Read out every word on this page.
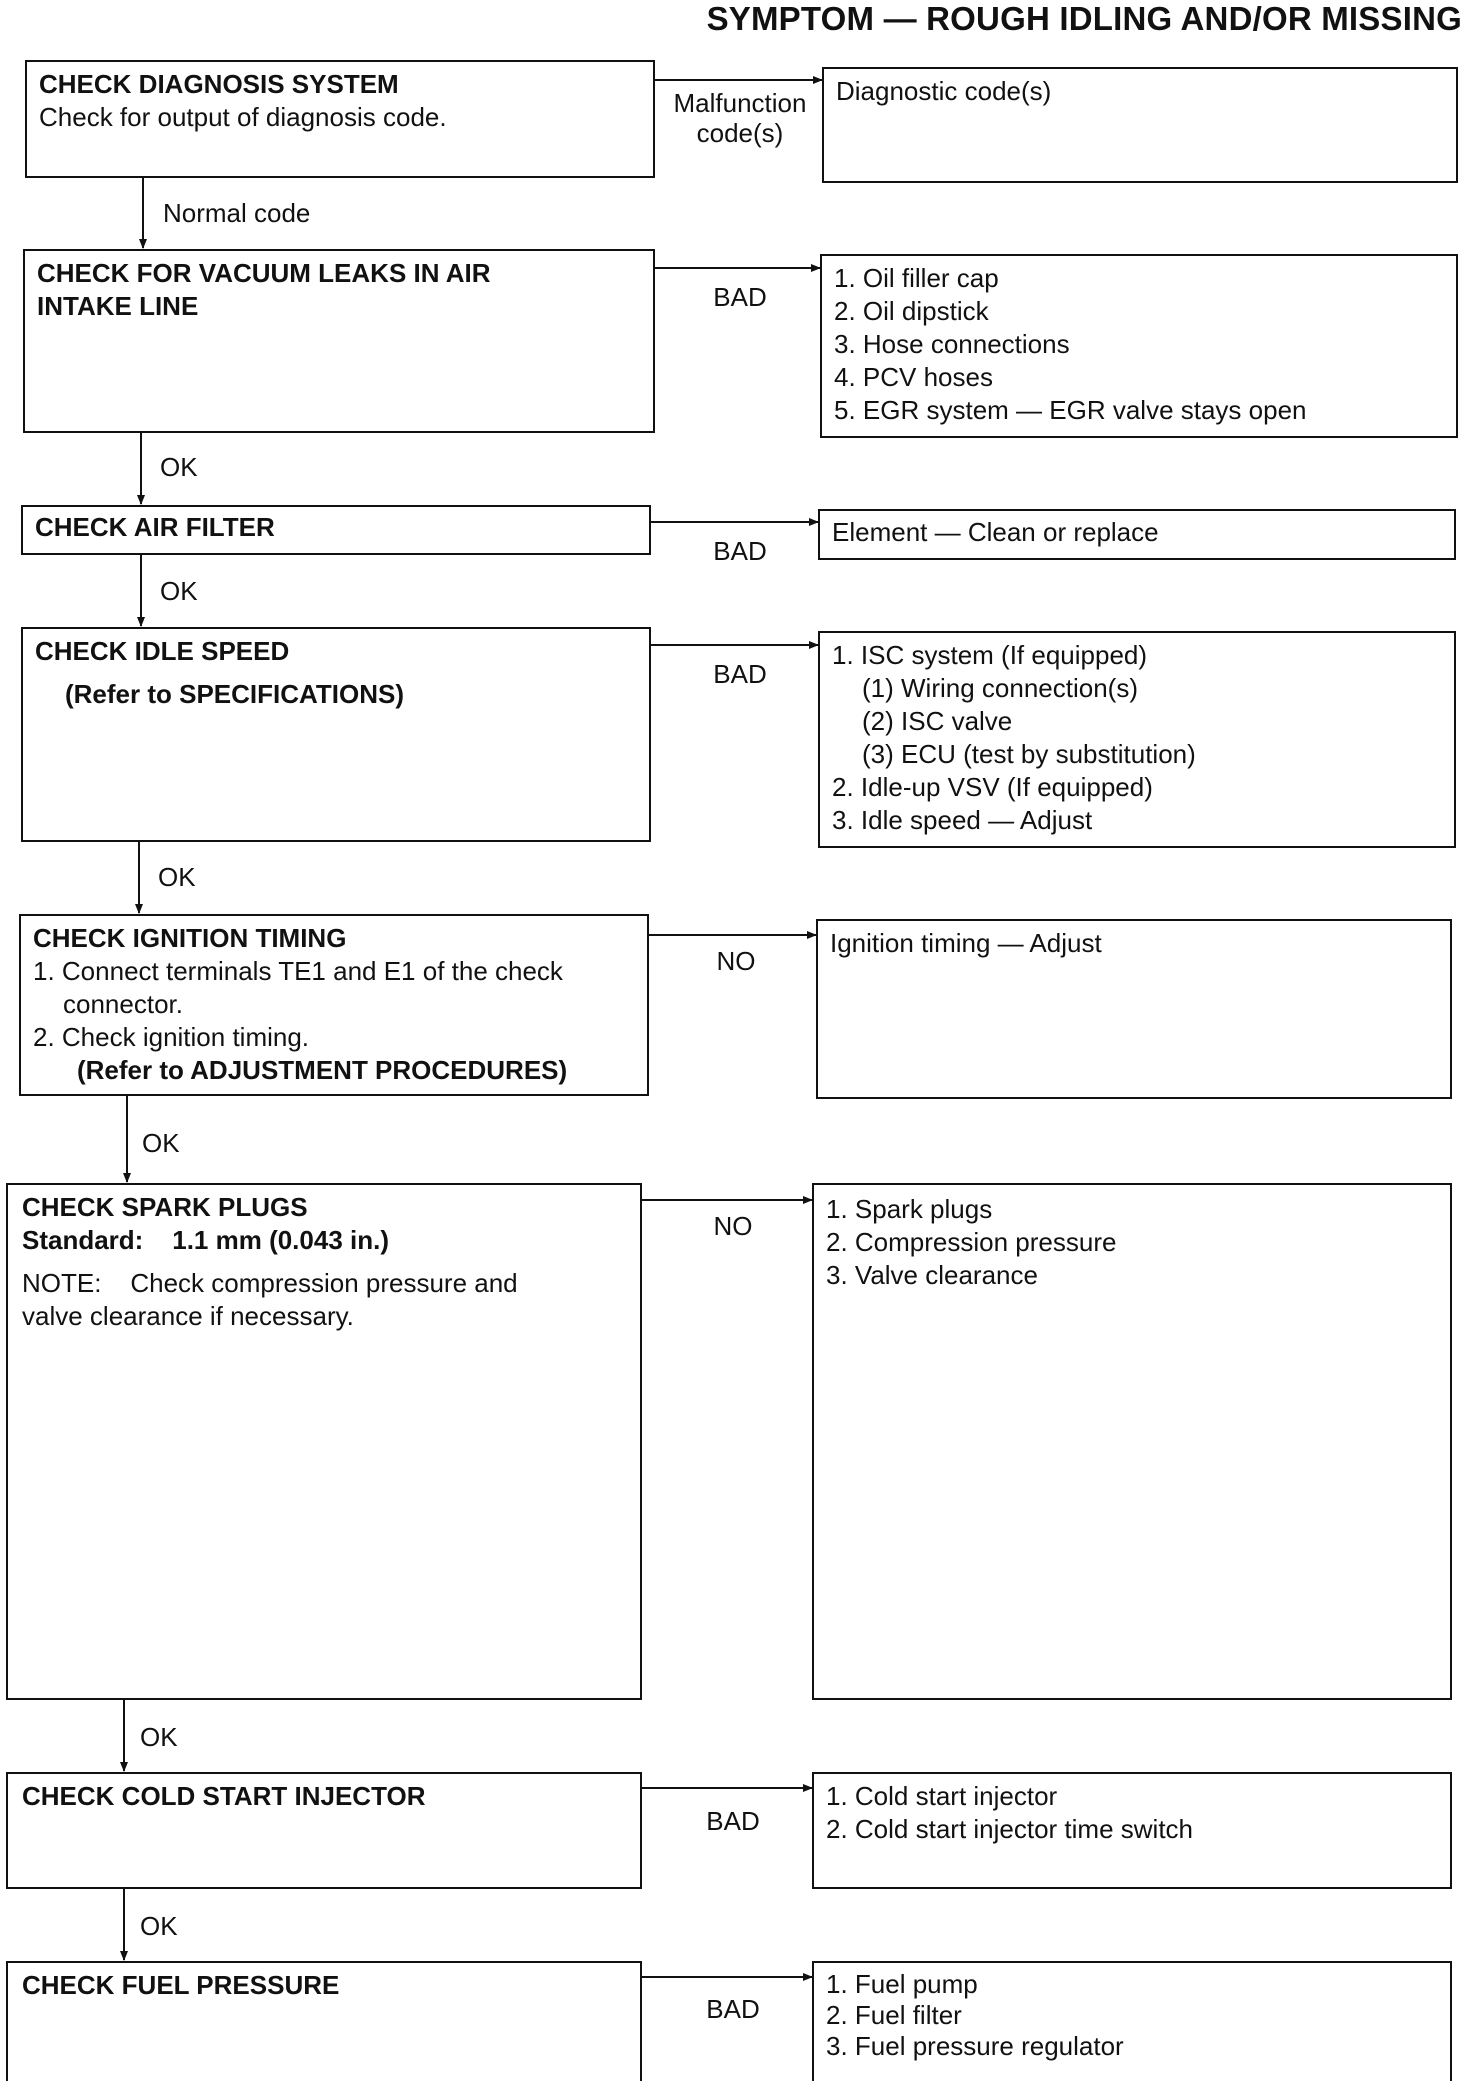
SYMPTOM — ROUGH IDLING AND/OR MISSING
CHECK DIAGNOSIS SYSTEM
Check for output of diagnosis code.	Malfunction
code(s)
Diagnostic code(s)
Normal code
CHECK FOR VACUUM LEAKS IN AIR
INTAKE LINE	BAD
1. Oil filler cap
2. Oil dipstick
3. Hose connections
4. PCV hoses
5. EGR system — EGR valve stays open
OK
CHECK AIR FILTER
BAD
Element — Clean or replace
OK
CHECK IDLE SPEED
(Refer to SPECIFICATIONS)
BAD
1. ISC system (If equipped)
(1) Wiring connection(s)
(2) ISC valve
(3) ECU (test by substitution)
2. Idle-up VSV (If equipped)
3. Idle speed — Adjust
OK
CHECK IGNITION TIMING
1. Connect terminals TE1 and E1 of the check
connector.
2. Check ignition timing.
(Refer to ADJUSTMENT PROCEDURES)
NO
Ignition timing — Adjust
OK
CHECK SPARK PLUGS
Standard:    1.1 mm (0.043 in.)
NOTE:    Check compression pressure and
valve clearance if necessary.
NO
1. Spark plugs
2. Compression pressure
3. Valve clearance
OK
CHECK COLD START INJECTOR
BAD
1. Cold start injector
2. Cold start injector time switch
OK
CHECK FUEL PRESSURE
BAD
1. Fuel pump
2. Fuel filter
3. Fuel pressure regulator
